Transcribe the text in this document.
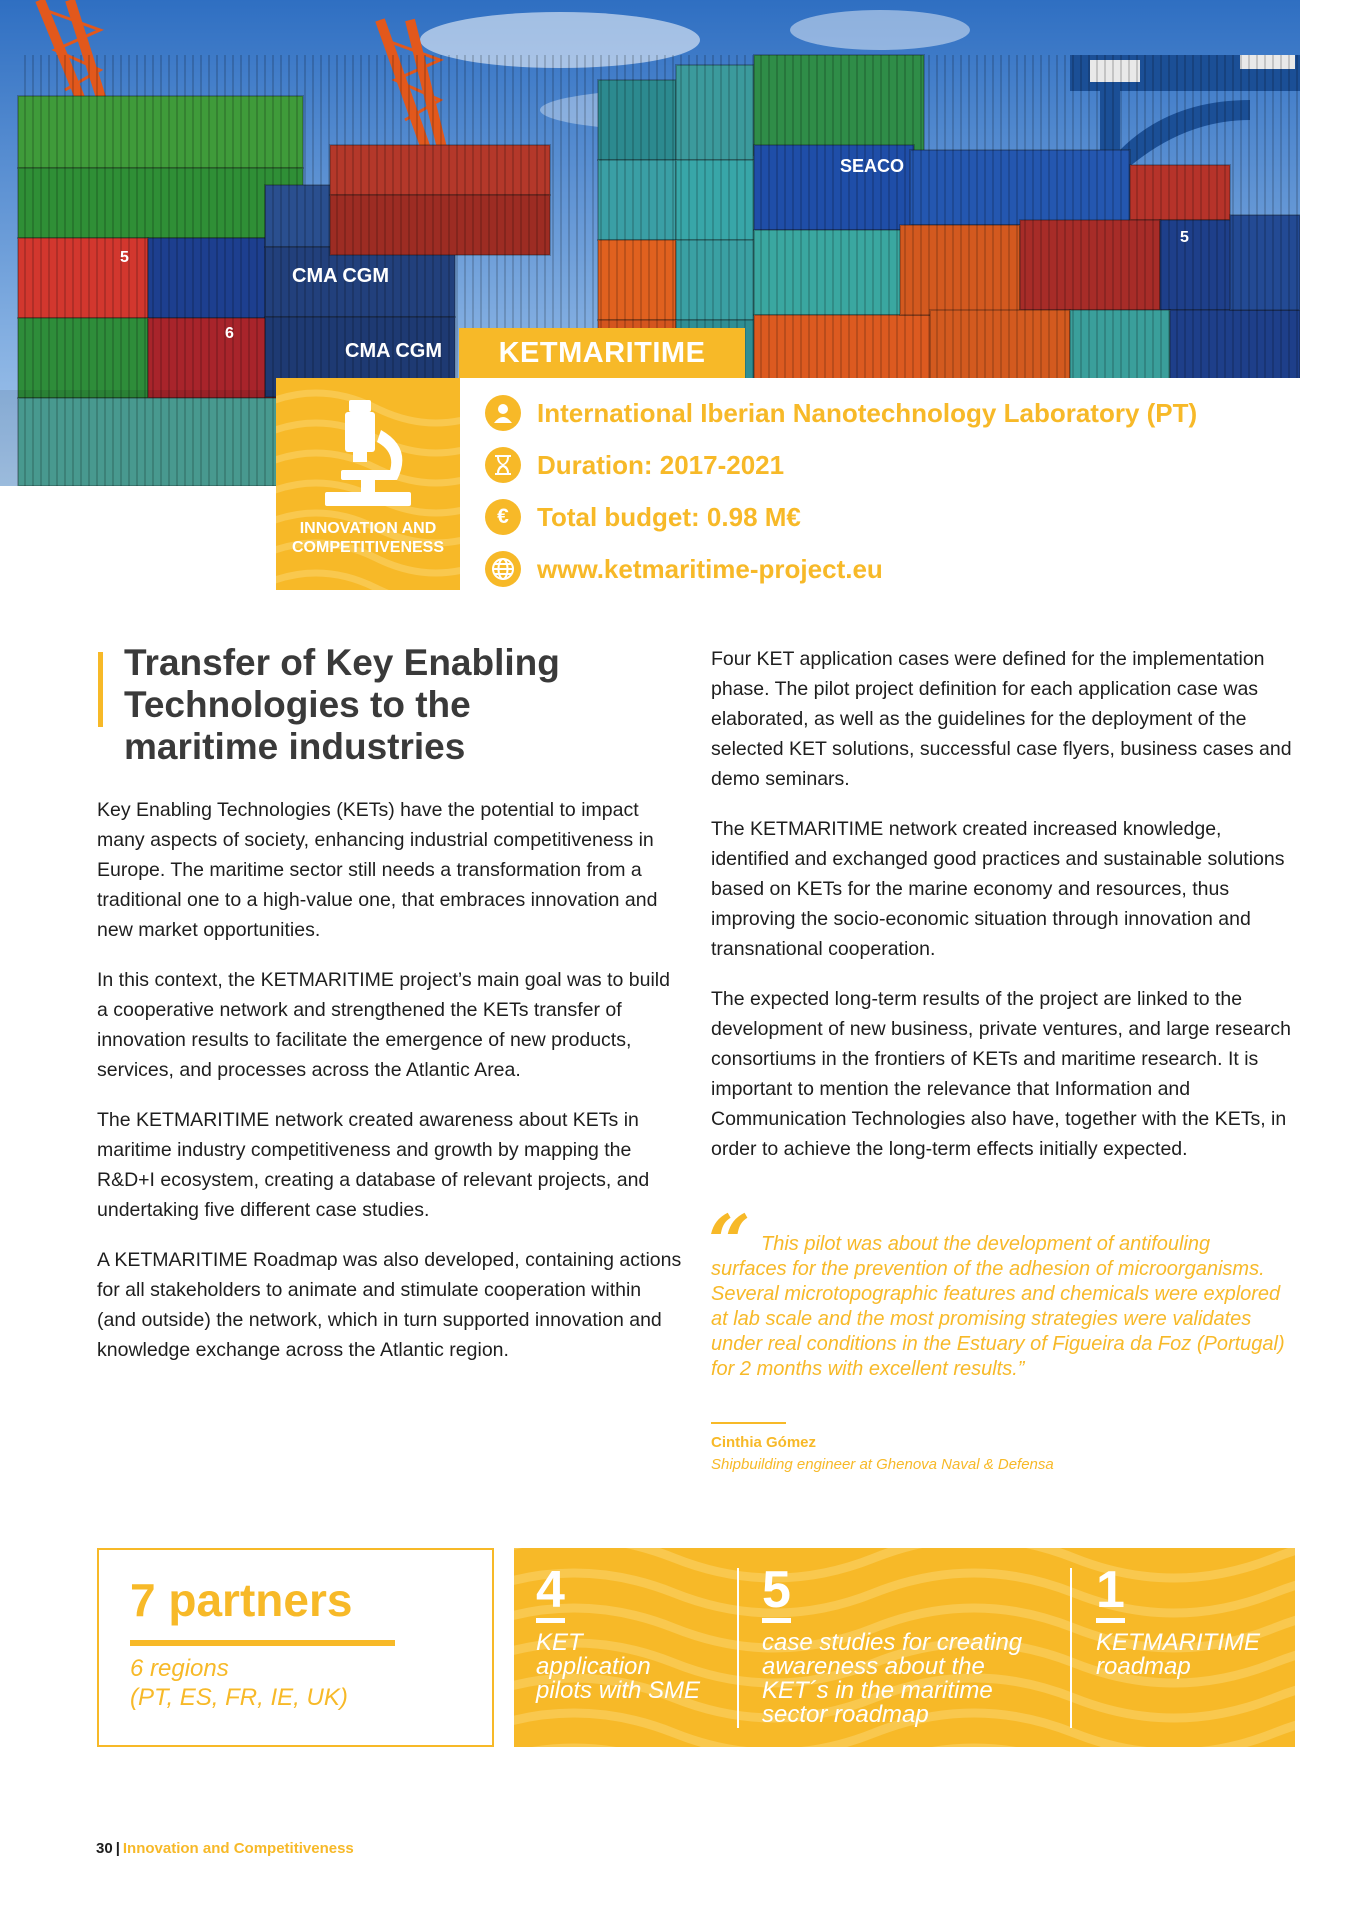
CMA CGM
CMA CGM
SEACO
5
6
5
KETMARITIME
INNOVATION AND COMPETITIVENESS
International Iberian Nanotechnology Laboratory (PT)
Duration: 2017-2021
€	Total budget: 0.98 M€
www.ketmaritime-project.eu
Transfer of Key Enabling Technologies to the maritime industries

Key Enabling Technologies (KETs) have the potential to impact many aspects of society, enhancing industrial competitiveness in Europe. The maritime sector still needs a transformation from a traditional one to a high-value one, that embraces innovation and new market opportunities.

In this context, the KETMARITIME project’s main goal was to build a cooperative network and strengthened the KETs transfer of innovation results to facilitate the emergence of new products, services, and processes across the Atlantic Area.

The KETMARITIME network created awareness about KETs in maritime industry competitiveness and growth by mapping the R&D+I ecosystem, creating a database of relevant projects, and undertaking five different case studies.

A KETMARITIME Roadmap was also developed, containing actions for all stakeholders to animate and stimulate cooperation within (and outside) the network, which in turn supported innovation and knowledge exchange across the Atlantic region.

Four KET application cases were defined for the implementation phase. The pilot project definition for each application case was elaborated, as well as the guidelines for the deployment of the selected KET solutions, successful case flyers, business cases and demo seminars.

The KETMARITIME network created increased knowledge, identified and exchanged good practices and sustainable solutions based on KETs for the marine economy and resources, thus improving the socio-economic situation through innovation and transnational cooperation.

The expected long-term results of the project are linked to the development of new business, private ventures, and large research consortiums in the frontiers of KETs and maritime research. It is important to mention the relevance that Information and Communication Technologies also have, together with the KETs, in order to achieve the long-term effects initially expected.

“ This pilot was about the development of antifouling surfaces for the prevention of the adhesion of microorganisms. Several microtopographic features and chemicals were explored at lab scale and the most promising strategies were validates under real conditions in the Estuary of Figueira da Foz (Portugal) for 2 months with excellent results.”
Cinthia Gómez
Shipbuilding engineer at Ghenova Naval & Defensa
7 partners
6 regions
(PT, ES, FR, IE, UK)
4
KET
application
pilots with SME
5
case studies for creating
awareness about the
KET´s in the maritime
sector roadmap
1
KETMARITIME
roadmap
30 | Innovation and Competitiveness
